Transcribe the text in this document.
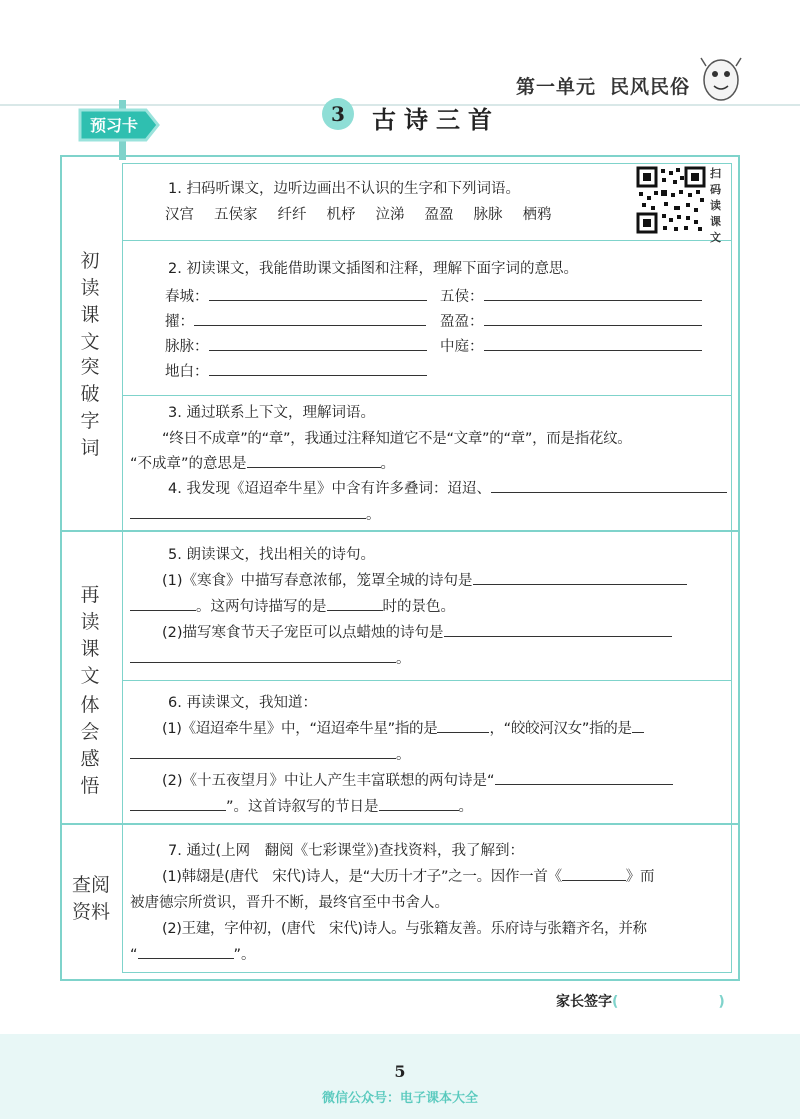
第一单元 民风民俗
预习卡	3	古诗三首
初读课文
突破字词
再读课文
体会感悟
查阅资料
扫码读课文
1. 扫码听课文，边听边画出不认识的生字和下列词语。
汉宫 五侯家 纤纤 机杼 泣涕 盈盈 脉脉 栖鸦
2. 初读课文，我能借助课文插图和注释，理解下面字词的意思。
春城：	五侯：
擢：	盈盈：
脉脉：	中庭：
地白：
3. 通过联系上下文，理解词语。
“终日不成章”的“章”，我通过注释知道它不是“文章”的“章”，而是指花纹。
“不成章”的意思是	。
4. 我发现《迢迢牵牛星》中含有许多叠词：迢迢、
。
5. 朗读课文，找出相关的诗句。
(1)《寒食》中描写春意浓郁，笼罩全城的诗句是
。这两句诗描写的是	时的景色。
(2)描写寒食节天子宠臣可以点蜡烛的诗句是
。
6. 再读课文，我知道：
(1)《迢迢牵牛星》中，“迢迢牵牛星”指的是	，“皎皎河汉女”指的是
。
(2)《十五夜望月》中让人产生丰富联想的两句诗是“
”。这首诗叙写的节日是	。
7. 通过(上网　翻阅《七彩课堂》)查找资料，我了解到：
(1)韩翃是(唐代　宋代)诗人，是“大历十才子”之一。因作一首《	》而
被唐德宗所赏识，晋升不断，最终官至中书舍人。
(2)王建，字仲初，(唐代　宋代)诗人。与张籍友善。乐府诗与张籍齐名，并称
“	”。
家长签字(	)
5
微信公众号：电子课本大全
